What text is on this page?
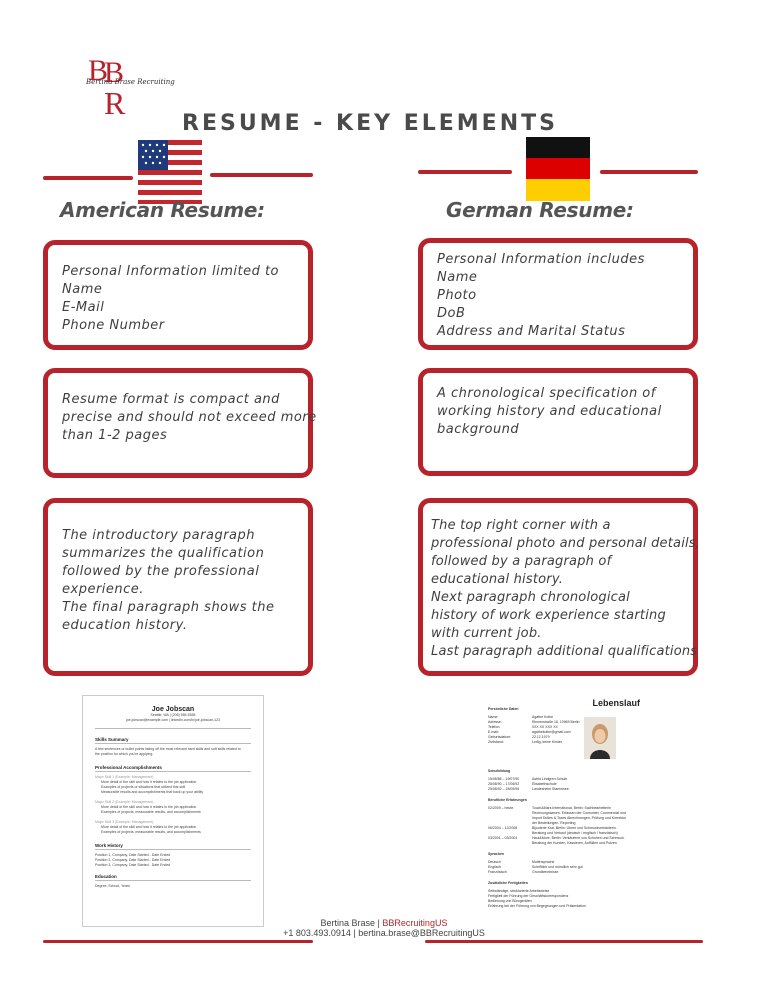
B
B
R
Bertina Brase Recruiting
RESUME - KEY ELEMENTS
American Resume:	German Resume:
Personal Information limited to
Name
E-Mail
Phone Number
Resume format is compact and
precise and should not exceed more
than 1-2 pages
The introductory paragraph
summarizes the qualification
followed by the professional
experience.
The final paragraph shows the
education history.
Personal Information includes
Name
Photo
DoB
Address and Marital Status
A chronological specification of
working history and educational
background
The top right corner with a
professional photo and personal details,
followed by a paragraph of
educational history.
Next paragraph chronological
history of work experience starting
with current job.
Last paragraph additional qualifications
Joe Jobscan
Seattle, WA | (206) 555-5555
joe.jobscan@example.com | linkedin.com/in/joe-jobscan-123
Skills Summary
A few sentences or bullet points listing off the most relevant hard skills and soft skills related to
the position for which you're applying.
Professional Accomplishments
Major Skill 1 (Example: Management)
More detail of the skill and how it relates to the job application
Examples of projects or situations that utilized this skill
Measurable results and accomplishments that back up your ability
Major Skill 2 (Example: Management)
More detail of the skill and how it relates to the job application
Examples of projects, measurable results, and accomplishments
Major Skill 3 (Example: Management)
More detail of the skill and how it relates to the job application
Examples of projects, measurable results, and accomplishments
Work History
Position 1, Company, Date Started - Date Ended
Position 2, Company, Date Started - Date Ended
Position 3, Company, Date Started - Date Ended
Education
Degree, School, Years
Lebenslauf
Persönliche Daten
Name:	Agathe Kolbe
Adresse:	Rinnenstraße 16, 10969 Berlin
Telefon:	0XX XX XXX XX
E-mail:	agathekolbe@gmail.com
Geburtsdatum:	22.12.1979
Zivilstand:	Ledig, keine Kinder
Schulbildung
15/08/86 – 19/07/90	Astrid Lindgren Schule
28/08/90 – 17/06/92	Elisabethschule
25/08/92 – 18/05/96	Landesheim Stammsee
Berufliche Erfahrungen
02/2009 – heute	Touch&Mars International, Berlin: Sachbearbeiterin
Rechnungswesen. Erfassen der Consumer, Commercial und
Import Duties & Taxes Abrechnungen. Prüfung und Korrektur
der Bestellungen. Reporting
06/2004 – 12/2008	Bijouterie Kral, Berlin: Uhren und Schmuckverkäuferin.
Beratung und Verkauf (deutsch / englisch / französisch)
03/2001 – 03/2004	Haut&More, Berlin: Verkäuferin von Schuhen und Schmuck.
Beratung der Kunden, Kassieren, Auffüllen und Putzen
Sprachen
Deutsch	Muttersprache
Englisch	Schriftlich und mündlich sehr gut
Französisch	Grundkenntnisse
Zusätzliche Fertigkeiten
Selbständige, strukturierte Arbeitsweise
Fertigkeit der Führung der Geschäftskorrespondenz
Bedienung von Bürogeräten
Erfahrung bei der Führung von Begegnungen und Präsentation
Bertina Brase | BBRecruitingUS
+1 803.493.0914 | bertina.brase@BBRecruitingUS
